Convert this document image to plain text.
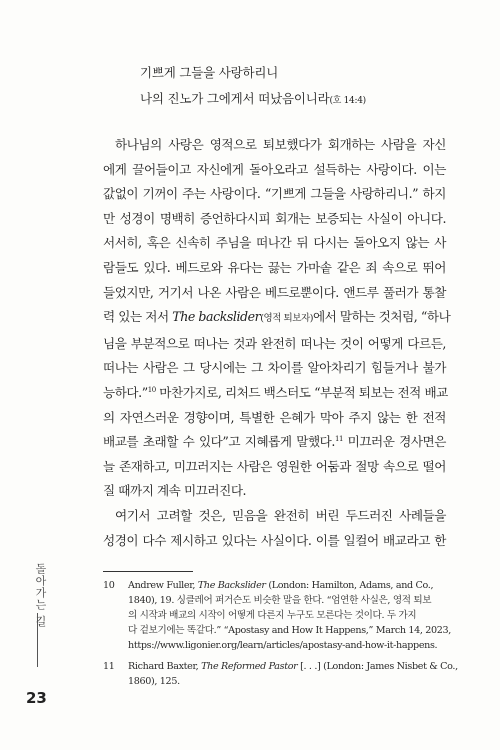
기쁘게 그들을 사랑하리니
나의 진노가 그에게서 떠났음이니라(호 14:4)

하나님의 사랑은 영적으로 퇴보했다가 회개하는 사람을 자신

에게 끌어들이고 자신에게 돌아오라고 설득하는 사랑이다. 이는

값없이 기꺼이 주는 사랑이다. “기쁘게 그들을 사랑하리니.” 하지

만 성경이 명백히 증언하다시피 회개는 보증되는 사실이 아니다.

서서히, 혹은 신속히 주님을 떠나간 뒤 다시는 돌아오지 않는 사

람들도 있다. 베드로와 유다는 끓는 가마솥 같은 죄 속으로 뛰어

들었지만, 거기서 나온 사람은 베드로뿐이다. 앤드루 풀러가 통찰

력 있는 저서 The backslider(영적 퇴보자)에서 말하는 것처럼, “하나

님을 부분적으로 떠나는 것과 완전히 떠나는 것이 어떻게 다르든,

떠나는 사람은 그 당시에는 그 차이를 알아차리기 힘들거나 불가

능하다.”$^{10}$ 마찬가지로, 리처드 백스터도 “부분적 퇴보는 전적 배교

의 자연스러운 경향이며, 특별한 은혜가 막아 주지 않는 한 전적

배교를 초래할 수 있다”고 지혜롭게 말했다.$^{11}$ 미끄러운 경사면은

늘 존재하고, 미끄러지는 사람은 영원한 어둠과 절망 속으로 떨어

질 때까지 계속 미끄러진다.

여기서 고려할 것은, 믿음을 완전히 버린 두드러진 사례들을

성경이 다수 제시하고 있다는 사실이다. 이를 일컬어 배교라고 한

10	Andrew Fuller, The Backslider (London: Hamilton, Adams, and Co.,
1840), 19. 싱클레어 퍼거슨도 비슷한 말을 한다. “엄연한 사실은, 영적 퇴보
의 시작과 배교의 시작이 어떻게 다른지 누구도 모른다는 것이다. 두 가지
다 겉보기에는 똑같다.” “Apostasy and How It Happens,” March 14, 2023,
https://www.ligonier.org/learn/articles/apostasy-and-how-it-happens.
11	Richard Baxter, The Reformed Pastor [. . .] (London: James Nisbet & Co.,
1860), 125.
돌아가는 길
23
